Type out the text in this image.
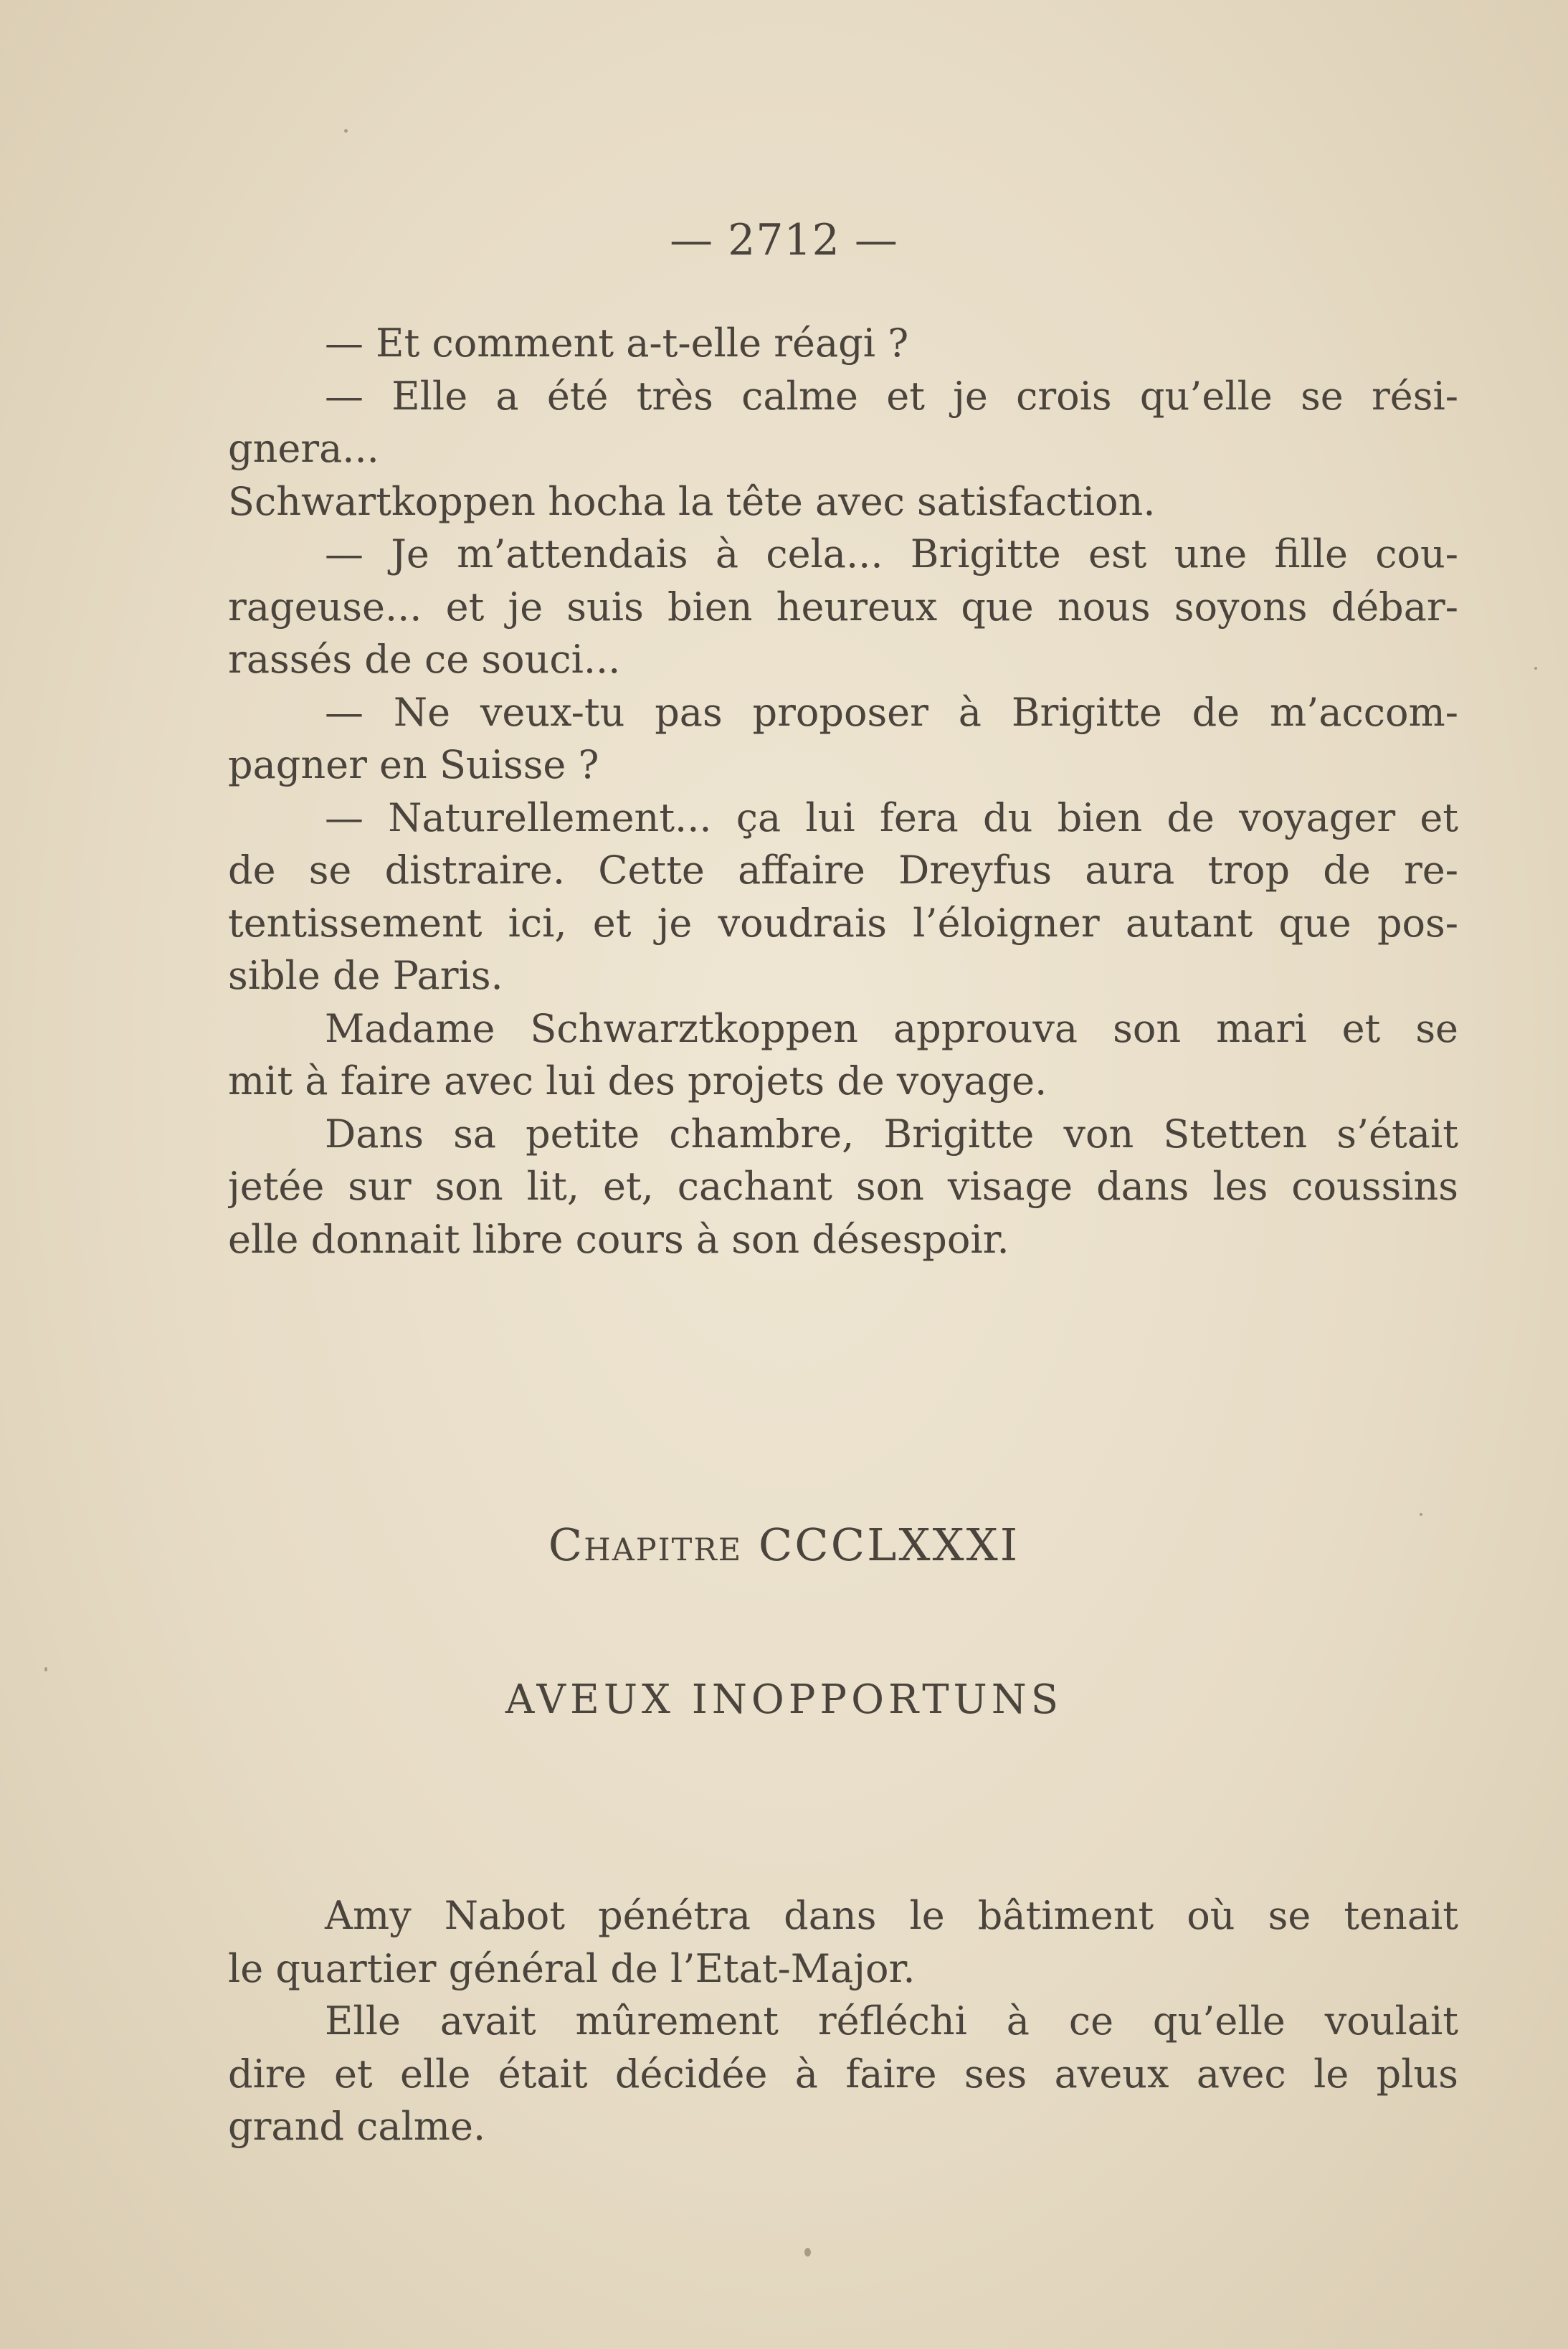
— 2712 —
— Et comment a-t-elle réagi ?
— Elle a été très calme et je crois qu’elle se rési-
gnera...
Schwartkoppen hocha la tête avec satisfaction.
— Je m’attendais à cela... Brigitte est une fille cou-
rageuse... et je suis bien heureux que nous soyons débar-
rassés de ce souci...
— Ne veux-tu pas proposer à Brigitte de m’accom-
pagner en Suisse ?
— Naturellement... ça lui fera du bien de voyager et
de se distraire. Cette affaire Dreyfus aura trop de re-
tentissement ici, et je voudrais l’éloigner autant que pos-
sible de Paris.
Madame Schwarztkoppen approuva son mari et se
mit à faire avec lui des projets de voyage.
Dans sa petite chambre, Brigitte von Stetten s’était
jetée sur son lit, et, cachant son visage dans les coussins
elle donnait libre cours à son désespoir.
Chapitre CCCLXXXI
AVEUX INOPPORTUNS
Amy Nabot pénétra dans le bâtiment où se tenait
le quartier général de l’Etat-Major.
Elle avait mûrement réfléchi à ce qu’elle voulait
dire et elle était décidée à faire ses aveux avec le plus
grand calme.
